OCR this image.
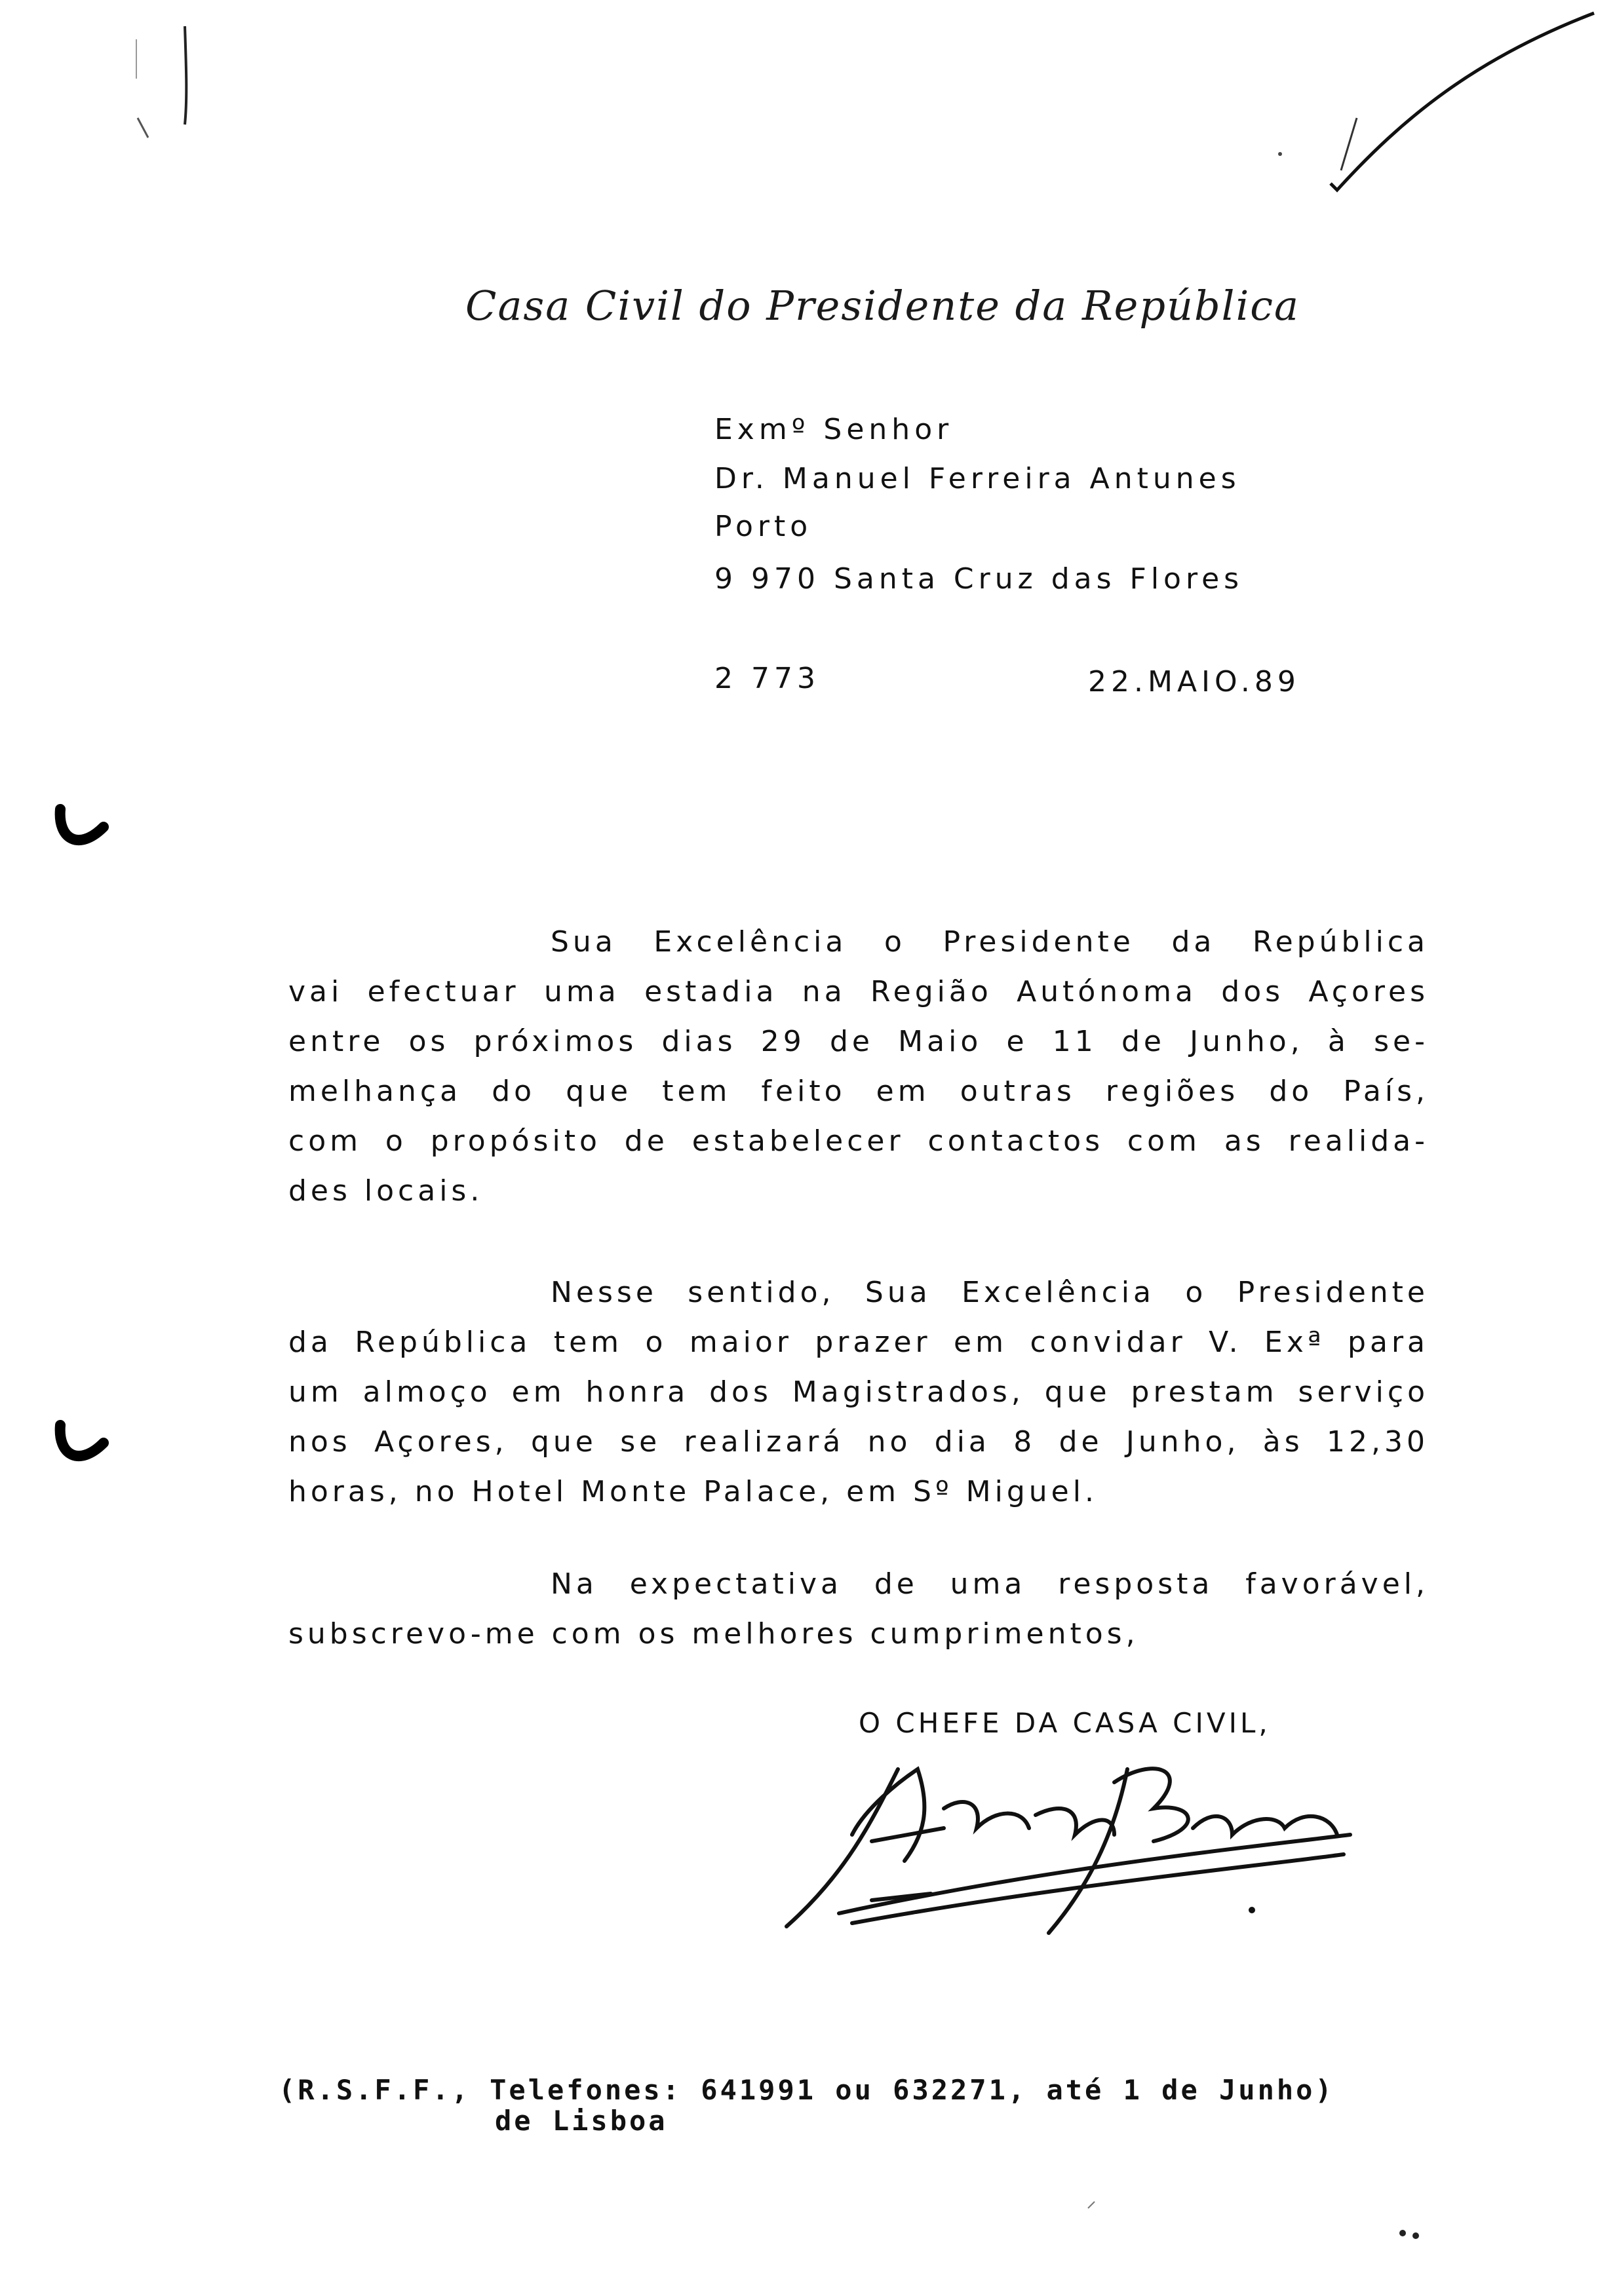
Casa Civil do Presidente da República
Exmº Senhor
Dr. Manuel Ferreira Antunes
Porto
9 970 Santa Cruz das Flores
2 773	22.MAIO.89
Sua Excelência o Presidente da República
vai efectuar uma estadia na Região Autónoma dos Açores
entre os próximos dias 29 de Maio e 11 de Junho, à se-
melhança do que tem feito em outras regiões do País,
com o propósito de estabelecer contactos com as realida-
des locais.
Nesse sentido, Sua Excelência o Presidente
da República tem o maior prazer em convidar V. Exª para
um almoço em honra dos Magistrados, que prestam serviço
nos Açores, que se realizará no dia 8 de Junho, às 12,30
horas, no Hotel Monte Palace, em Sº Miguel.
Na expectativa de uma resposta favorável,
subscrevo-me com os melhores cumprimentos,
O CHEFE DA CASA CIVIL,
(R.S.F.F., Telefones: 641991 ou 632271, até 1 de Junho)
de Lisboa
